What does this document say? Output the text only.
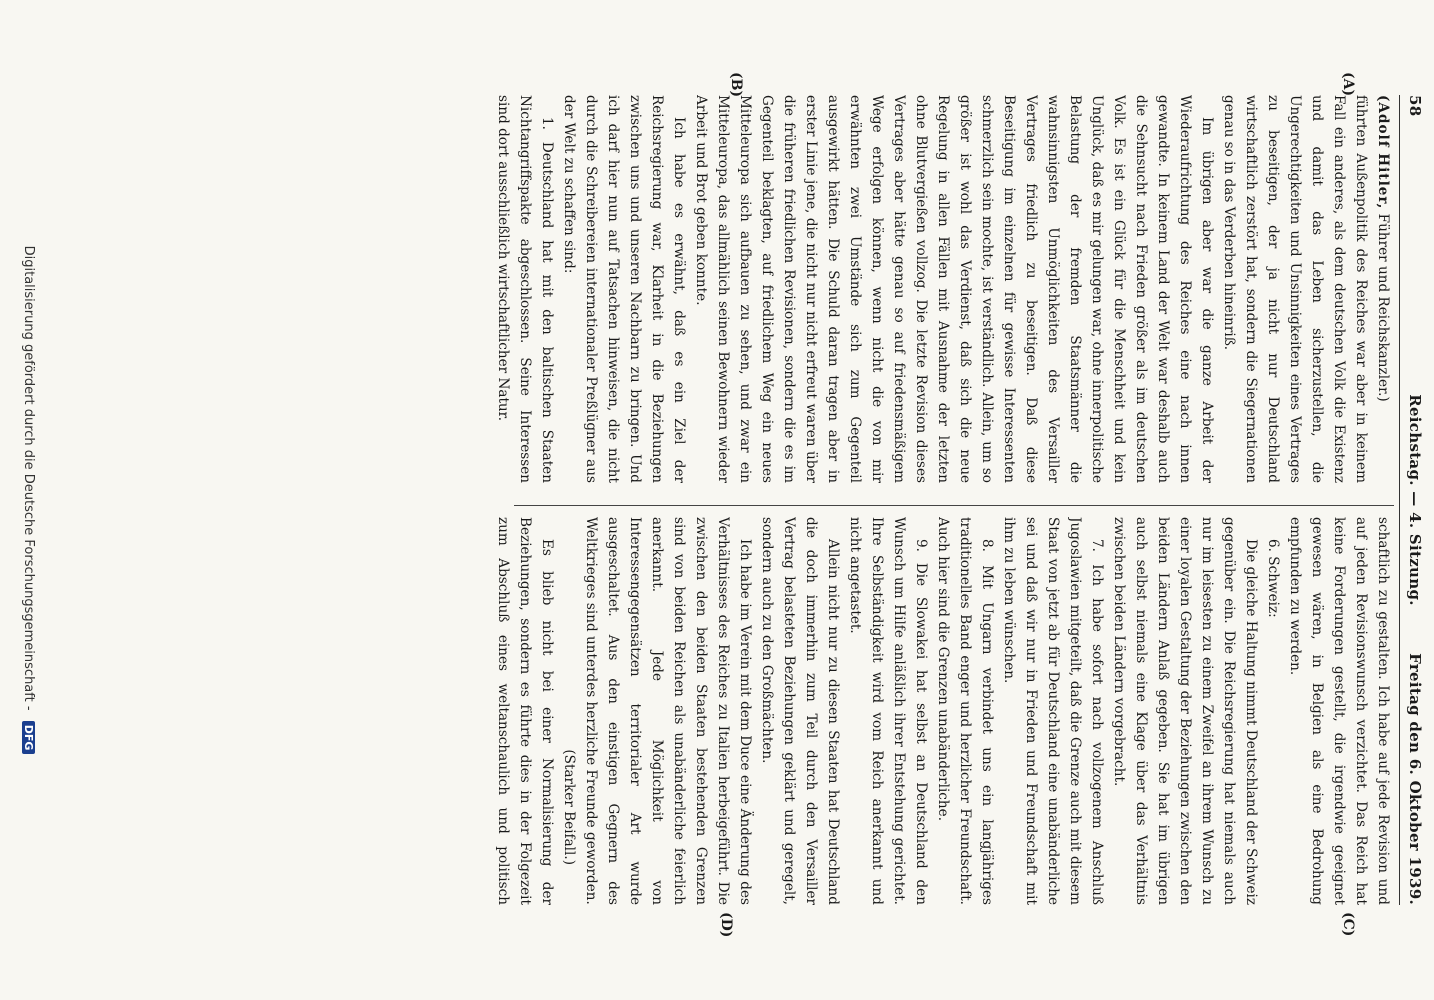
58
Reichstag. — 4. Sitzung.
Freitag den 6. Oktober 1939.
(A)
(B)
(C)
(D)

(Adolf Hitler, Führer und Reichskanzler.)

führten Außenpolitik des Reiches war aber in keinem Fall ein anderes, als dem deutschen Volk die Existenz und damit das Leben sicherzustellen, die Ungerechtigkeiten und Unsinnigkeiten eines Vertrages zu beseitigen, der ja nicht nur Deutschland wirtschaftlich zerstört hat, sondern die Siegernationen genau so in das Verderben hineinriß.

Im übrigen aber war die ganze Arbeit der Wiederaufrichtung des Reiches eine nach innen gewandte. In keinem Land der Welt war deshalb auch die Sehnsucht nach Frieden größer als im deutschen Volk. Es ist ein Glück für die Menschheit und kein Unglück, daß es mir gelungen war, ohne innerpolitische Belastung der fremden Staatsmänner die wahnsinnigsten Unmöglichkeiten des Versailler Vertrages friedlich zu beseitigen. Daß diese Beseitigung im einzelnen für gewisse Interessenten schmerzlich sein mochte, ist verständlich. Allein, um so größer ist wohl das Verdienst, daß sich die neue Regelung in allen Fällen mit Ausnahme der letzten ohne Blutvergießen vollzog. Die letzte Revision dieses Vertrages aber hätte genau so auf friedensmäßigem Wege erfolgen können, wenn nicht die von mir erwähnten zwei Umstände sich zum Gegenteil ausgewirkt hätten. Die Schuld daran tragen aber in erster Linie jene, die nicht nur nicht erfreut waren über die früheren friedlichen Revisionen, sondern die es im Gegenteil beklagten, auf friedlichem Weg ein neues Mitteleuropa sich aufbauen zu sehen, und zwar ein Mitteleuropa, das allmählich seinen Bewohnern wieder Arbeit und Brot geben konnte.

Ich habe es erwähnt, daß es ein Ziel der Reichsregierung war, Klarheit in die Beziehungen zwischen uns und unseren Nachbarn zu bringen. Und ich darf hier nun auf Tatsachen hinweisen, die nicht durch die Schreibereien internationaler Preßlügner aus der Welt zu schaffen sind:

1. Deutschland hat mit den baltischen Staaten Nichtangriffspakte abgeschlossen. Seine Interessen sind dort ausschließlich wirtschaftlicher Natur.

schaftlich zu gestalten. Ich habe auf jede Revision und auf jeden Revisionswunsch verzichtet. Das Reich hat keine Forderungen gestellt, die irgendwie geeignet gewesen wären, in Belgien als eine Bedrohung empfunden zu werden.

6. Schweiz:

Die gleiche Haltung nimmt Deutschland der Schweiz gegenüber ein. Die Reichsregierung hat niemals auch nur im leisesten zu einem Zweifel an ihrem Wunsch zu einer loyalen Gestaltung der Beziehungen zwischen den beiden Ländern Anlaß gegeben. Sie hat im übrigen auch selbst niemals eine Klage über das Verhältnis zwischen beiden Ländern vorgebracht.

7. Ich habe sofort nach vollzogenem Anschluß Jugoslawien mitgeteilt, daß die Grenze auch mit diesem Staat von jetzt ab für Deutschland eine unabänderliche sei und daß wir nur in Frieden und Freundschaft mit ihm zu leben wünschen.

8. Mit Ungarn verbindet uns ein langjähriges traditionelles Band enger und herzlicher Freundschaft. Auch hier sind die Grenzen unabänderliche.

9. Die Slowakei hat selbst an Deutschland den Wunsch um Hilfe anläßlich ihrer Entstehung gerichtet. Ihre Selbständigkeit wird vom Reich anerkannt und nicht angetastet.

Allein nicht nur zu diesen Staaten hat Deutschland die doch immerhin zum Teil durch den Versailler Vertrag belasteten Beziehungen geklärt und geregelt, sondern auch zu den Großmächten.

Ich habe im Verein mit dem Duce eine Änderung des Verhältnisses des Reiches zu Italien herbeigeführt. Die zwischen den beiden Staaten bestehenden Grenzen sind von beiden Reichen als unabänderliche feierlich anerkannt. Jede Möglichkeit von Interessengegensätzen territorialer Art wurde ausgeschaltet. Aus den einstigen Gegnern des Weltkrieges sind unterdes herzliche Freunde geworden.

(Starker Beifall.)

Es blieb nicht bei einer Normalisierung der Beziehungen, sondern es führte dies in der Folgezeit zum Abschluß eines weltanschaulich und politisch

Digitalisierung gefördert durch die Deutsche Forschungsgemeinschaft - DFG
